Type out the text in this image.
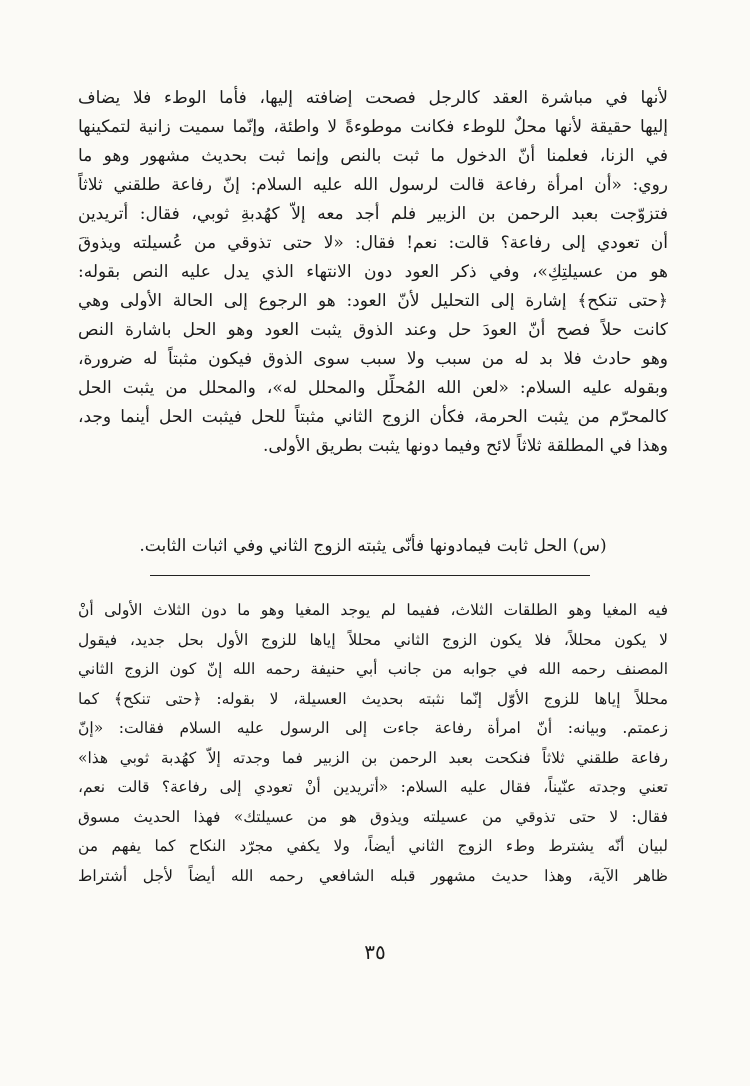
لأنها في مباشرة العقد كالرجل فصحت إضافته إليها، فأما الوطء فلا يضاف
إليها حقيقة لأنها محلٌ للوطء فكانت موطوءةً لا واطئة، وإنّما سميت زانية لتمكينها
في الزنا، فعلمنا أنّ الدخول ما ثبت بالنص وإنما ثبت بحديث مشهور وهو ما
روي: «أن امرأة رفاعة قالت لرسول الله عليه السلام: إنّ رفاعة طلقني ثلاثاً
فتزوّجت بعبد الرحمن بن الزبير فلم أجد معه إلاّ كهُدبةِ ثوبي، فقال: أتريدين
أن تعودي إلى رفاعة؟ قالت: نعم! فقال: «لا حتى تذوقي من عُسيلته ويذوقَ
هو من عسيلتِكِ»، وفي ذكر العود دون الانتهاء الذي يدل عليه النص بقوله:
﴿حتى تنكح﴾ إشارة إلى التحليل لأنّ العود: هو الرجوع إلى الحالة الأولى وهي
كانت حلاً فصح أنّ العودَ حل وعند الذوق يثبت العود وهو الحل باشارة النص
وهو حادث فلا بد له من سبب ولا سبب سوى الذوق فيكون مثبتاً له ضرورة،
وبقوله عليه السلام: «لعن الله المُحلِّل والمحلل له»، والمحلل من يثبت الحل
كالمحرّم من يثبت الحرمة، فكأن الزوج الثاني مثبتاً للحل فيثبت الحل أينما وجد،
وهذا في المطلقة ثلاثاً لائح وفيما دونها يثبت بطريق الأولى.
(س) الحل ثابت فيمادونها فأنّى يثبته الزوج الثاني وفي اثبات الثابت.
فيه المغيا وهو الطلقات الثلاث، ففيما لم يوجد المغيا وهو ما دون الثلاث الأولى أنْ
لا يكون محللاً، فلا يكون الزوج الثاني محللاً إياها للزوج الأول بحل جديد، فيقول
المصنف رحمه الله في جوابه من جانب أبي حنيفة رحمه الله إنّ كون الزوج الثاني
محللاً إياها للزوج الأوّل إنّما نثبته بحديث العسيلة، لا بقوله: ﴿حتى تنكح﴾ كما
زعمتم. وبيانه: أنّ امرأة رفاعة جاءت إلى الرسول عليه السلام فقالت: «إنّ
رفاعة طلقني ثلاثاً فنكحت بعبد الرحمن بن الزبير فما وجدته إلاّ كهُدبة ثوبي هذا»
تعني وجدته عنّيناً، فقال عليه السلام: «أتريدين أنْ تعودي إلى رفاعة؟ قالت نعم،
فقال: لا حتى تذوقي من عسيلته ويذوق هو من عسيلتك» فهذا الحديث مسوق
لبيان أنّه يشترط وطء الزوج الثاني أيضاً، ولا يكفي مجرّد النكاح كما يفهم من
ظاهر الآية، وهذا حديث مشهور قبله الشافعي رحمه الله أيضاً لأجل أشتراط
٣٥
